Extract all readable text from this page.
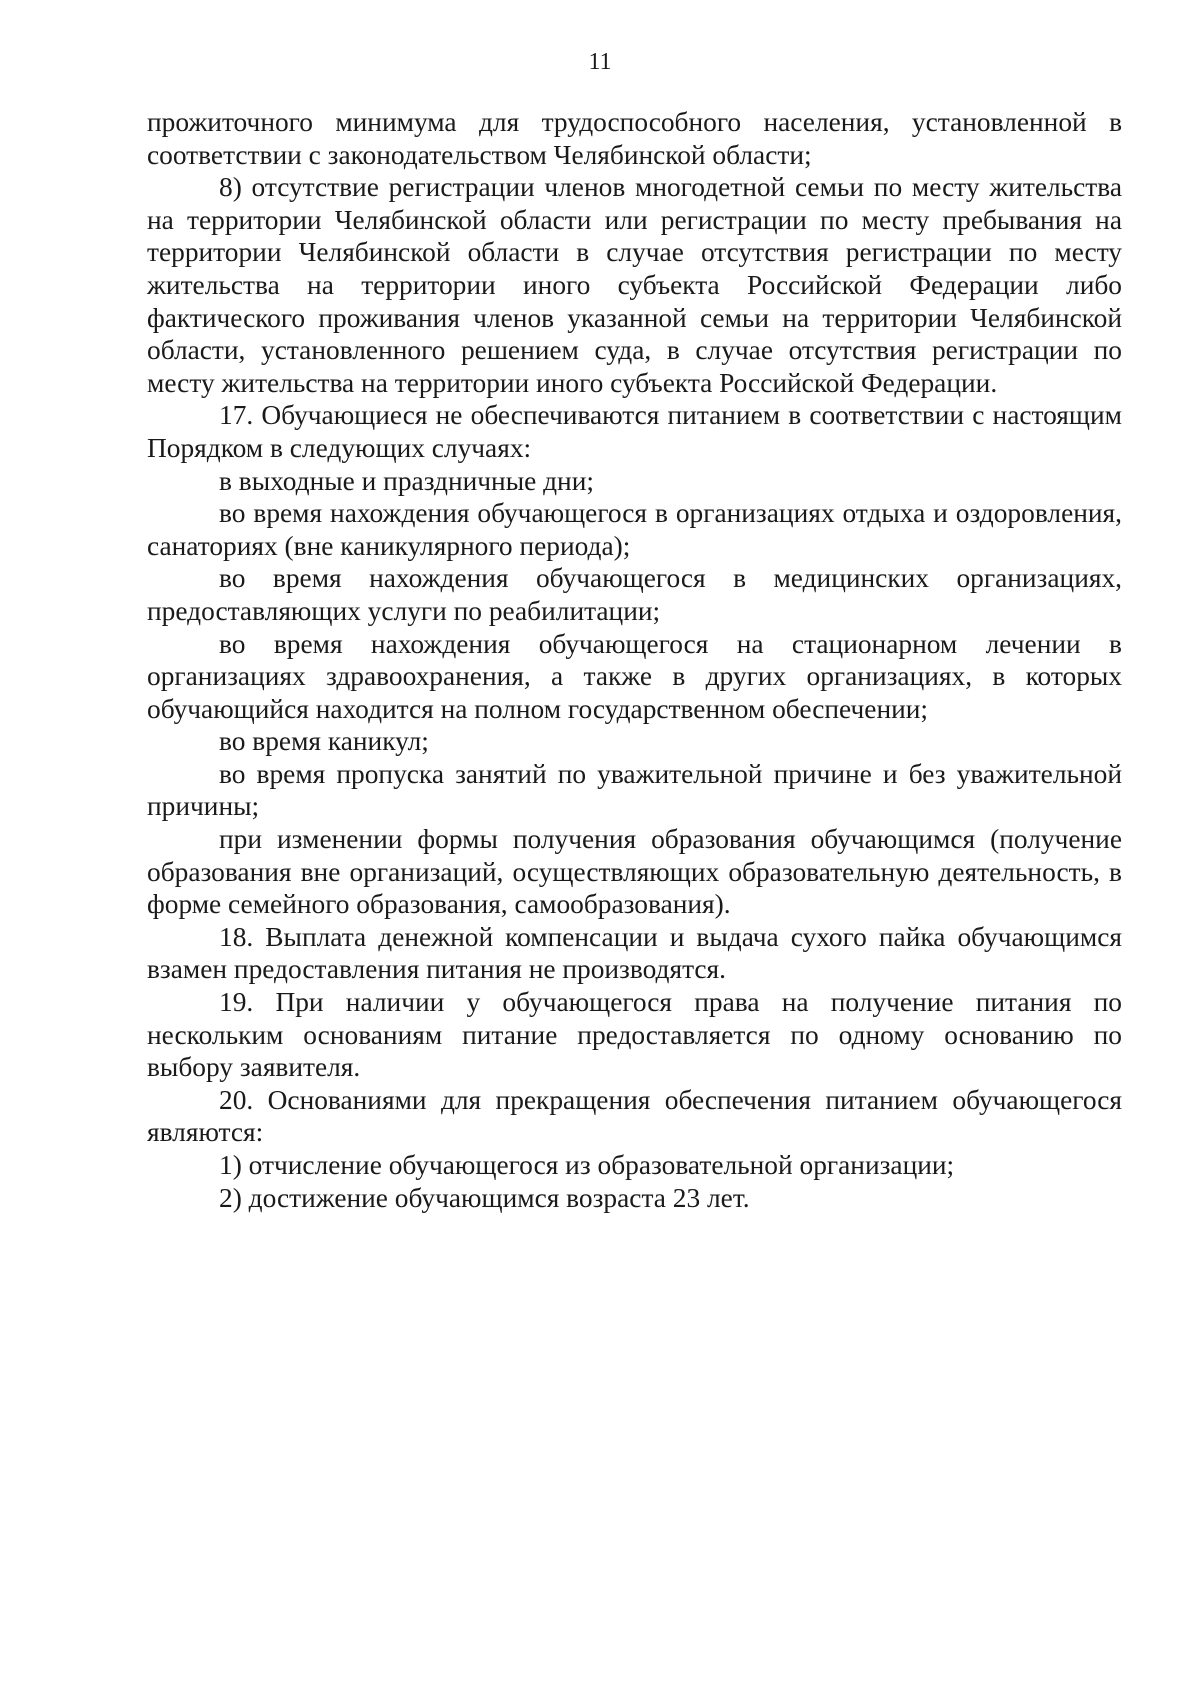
11

прожиточного минимума для трудоспособного населения, установленной в соответствии с законодательством Челябинской области;

8) отсутствие регистрации членов многодетной семьи по месту жительства на территории Челябинской области или регистрации по месту пребывания на территории Челябинской области в случае отсутствия регистрации по месту жительства на территории иного субъекта Российской Федерации либо фактического проживания членов указанной семьи на территории Челябинской области, установленного решением суда, в случае отсутствия регистрации по месту жительства на территории иного субъекта Российской Федерации.

17. Обучающиеся не обеспечиваются питанием в соответствии с настоящим Порядком в следующих случаях:

в выходные и праздничные дни;

во время нахождения обучающегося в организациях отдыха и оздоровления, санаториях (вне каникулярного периода);

во время нахождения обучающегося в медицинских организациях, предоставляющих услуги по реабилитации;

во время нахождения обучающегося на стационарном лечении в организациях здравоохранения, а также в других организациях, в которых обучающийся находится на полном государственном обеспечении;

во время каникул;

во время пропуска занятий по уважительной причине и без уважительной причины;

при изменении формы получения образования обучающимся (получение образования вне организаций, осуществляющих образовательную деятельность, в форме семейного образования, самообразования).

18. Выплата денежной компенсации и выдача сухого пайка обучающимся взамен предоставления питания не производятся.

19. При наличии у обучающегося права на получение питания по нескольким основаниям питание предоставляется по одному основанию по выбору заявителя.

20. Основаниями для прекращения обеспечения питанием обучающегося являются:

1) отчисление обучающегося из образовательной организации;

2) достижение обучающимся возраста 23 лет.
